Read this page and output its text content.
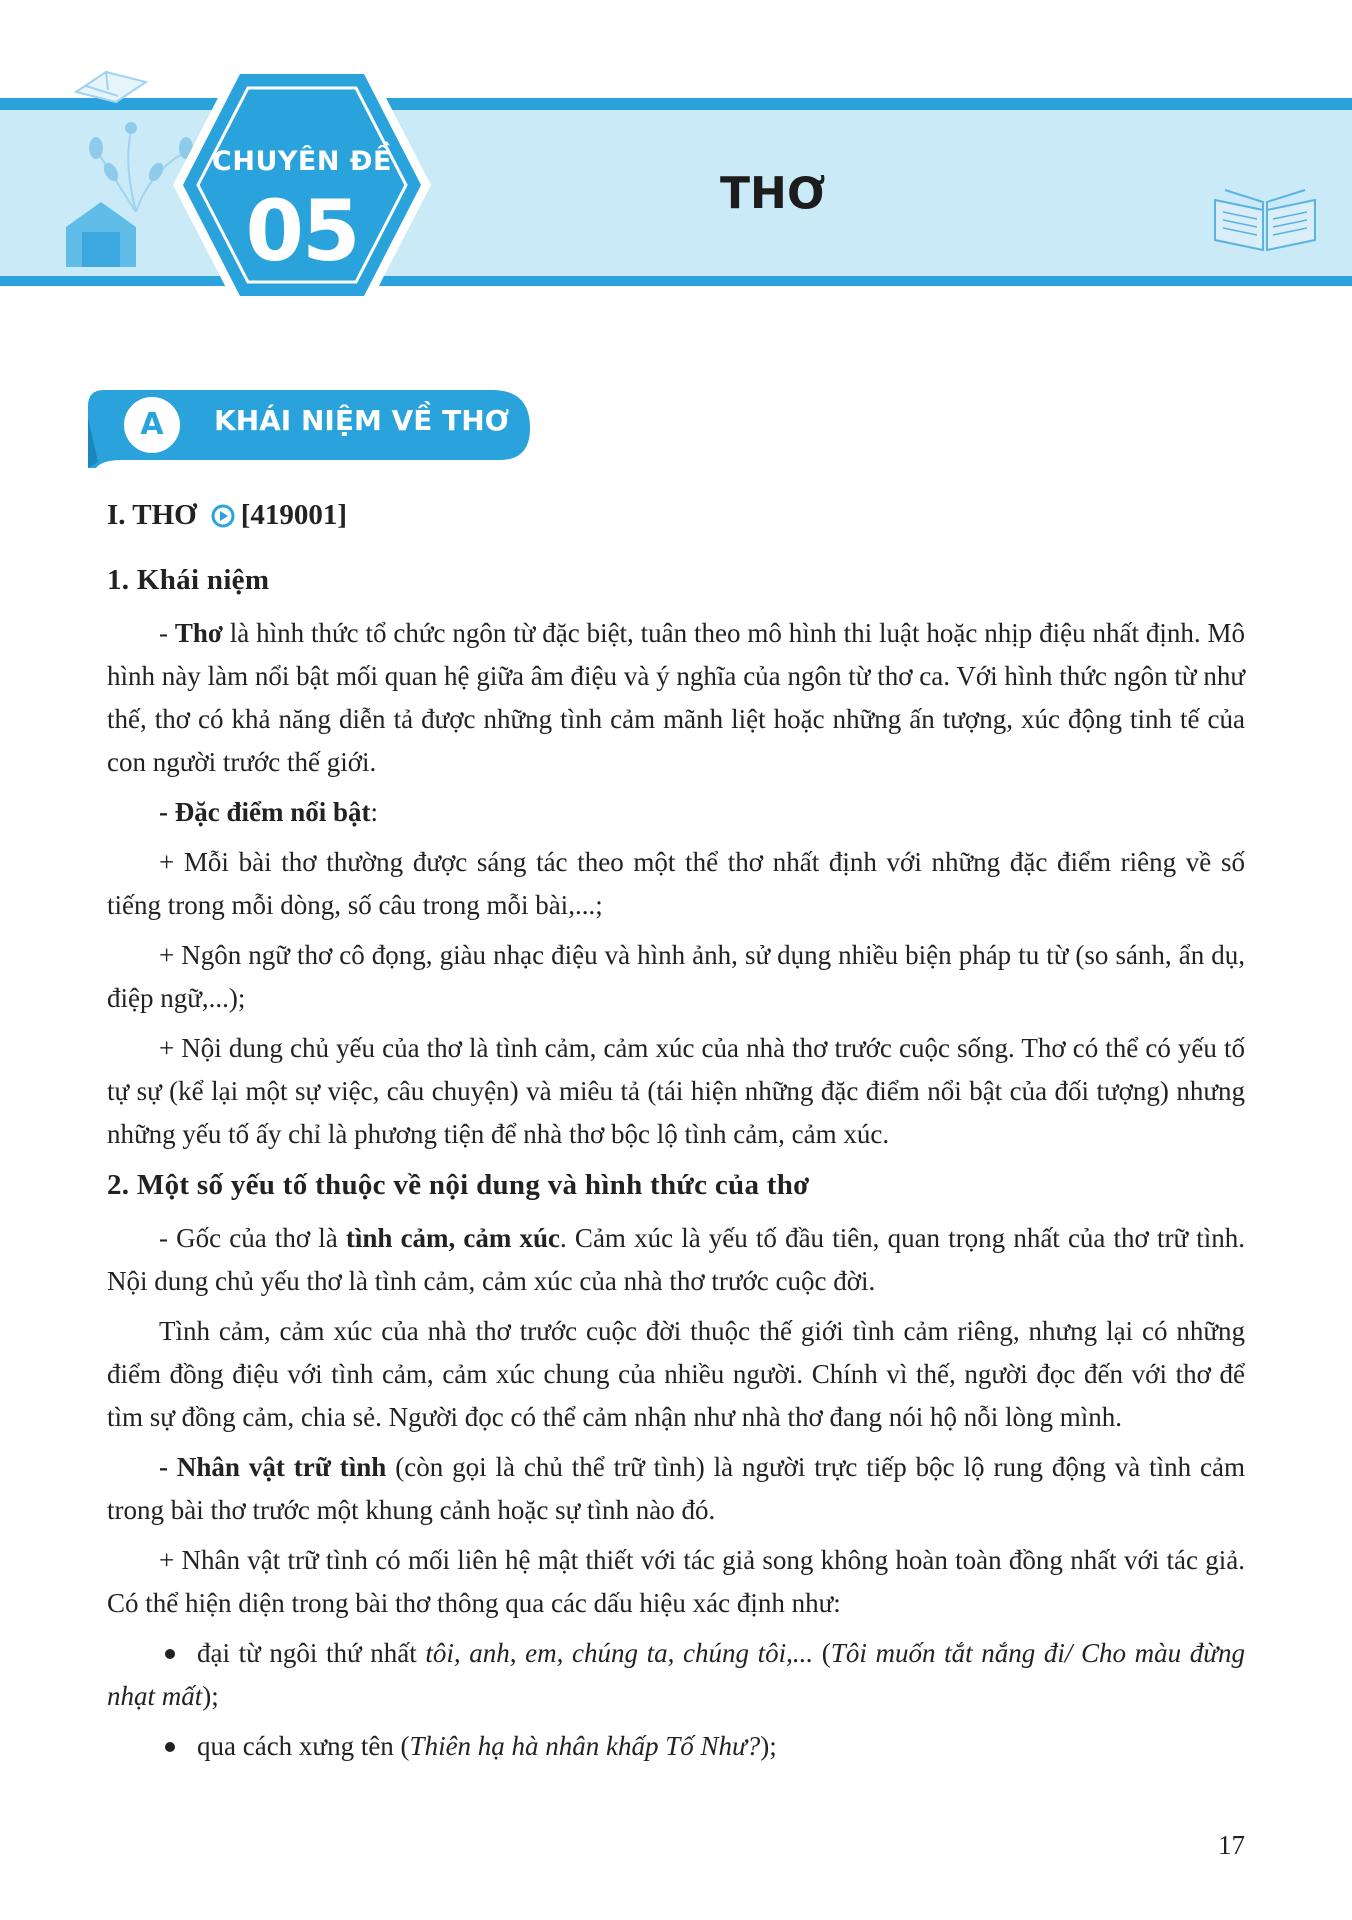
CHUYÊN ĐỀ
05	THƠ
A	KHÁI NIỆM VỀ THƠ
I. THƠ [419001]
1. Khái niệm

- Thơ là hình thức tổ chức ngôn từ đặc biệt, tuân theo mô hình thi luật hoặc nhịp điệu nhất định. Mô hình này làm nổi bật mối quan hệ giữa âm điệu và ý nghĩa của ngôn từ thơ ca. Với hình thức ngôn từ như thế, thơ có khả năng diễn tả được những tình cảm mãnh liệt hoặc những ấn tượng, xúc động tinh tế của con người trước thế giới.

- Đặc điểm nổi bật:

+ Mỗi bài thơ thường được sáng tác theo một thể thơ nhất định với những đặc điểm riêng về số tiếng trong mỗi dòng, số câu trong mỗi bài,...;

+ Ngôn ngữ thơ cô đọng, giàu nhạc điệu và hình ảnh, sử dụng nhiều biện pháp tu từ (so sánh, ẩn dụ, điệp ngữ,...);

+ Nội dung chủ yếu của thơ là tình cảm, cảm xúc của nhà thơ trước cuộc sống. Thơ có thể có yếu tố tự sự (kể lại một sự việc, câu chuyện) và miêu tả (tái hiện những đặc điểm nổi bật của đối tượng) nhưng những yếu tố ấy chỉ là phương tiện để nhà thơ bộc lộ tình cảm, cảm xúc.

2. Một số yếu tố thuộc về nội dung và hình thức của thơ

- Gốc của thơ là tình cảm, cảm xúc. Cảm xúc là yếu tố đầu tiên, quan trọng nhất của thơ trữ tình. Nội dung chủ yếu thơ là tình cảm, cảm xúc của nhà thơ trước cuộc đời.

Tình cảm, cảm xúc của nhà thơ trước cuộc đời thuộc thế giới tình cảm riêng, nhưng lại có những điểm đồng điệu với tình cảm, cảm xúc chung của nhiều người. Chính vì thế, người đọc đến với thơ để tìm sự đồng cảm, chia sẻ. Người đọc có thể cảm nhận như nhà thơ đang nói hộ nỗi lòng mình.

- Nhân vật trữ tình (còn gọi là chủ thể trữ tình) là người trực tiếp bộc lộ rung động và tình cảm trong bài thơ trước một khung cảnh hoặc sự tình nào đó.

+ Nhân vật trữ tình có mối liên hệ mật thiết với tác giả song không hoàn toàn đồng nhất với tác giả. Có thể hiện diện trong bài thơ thông qua các dấu hiệu xác định như:

đại từ ngôi thứ nhất tôi, anh, em, chúng ta, chúng tôi,... (Tôi muốn tắt nắng đi/ Cho màu đừng nhạt mất);

qua cách xưng tên (Thiên hạ hà nhân khấp Tố Như?);

17
